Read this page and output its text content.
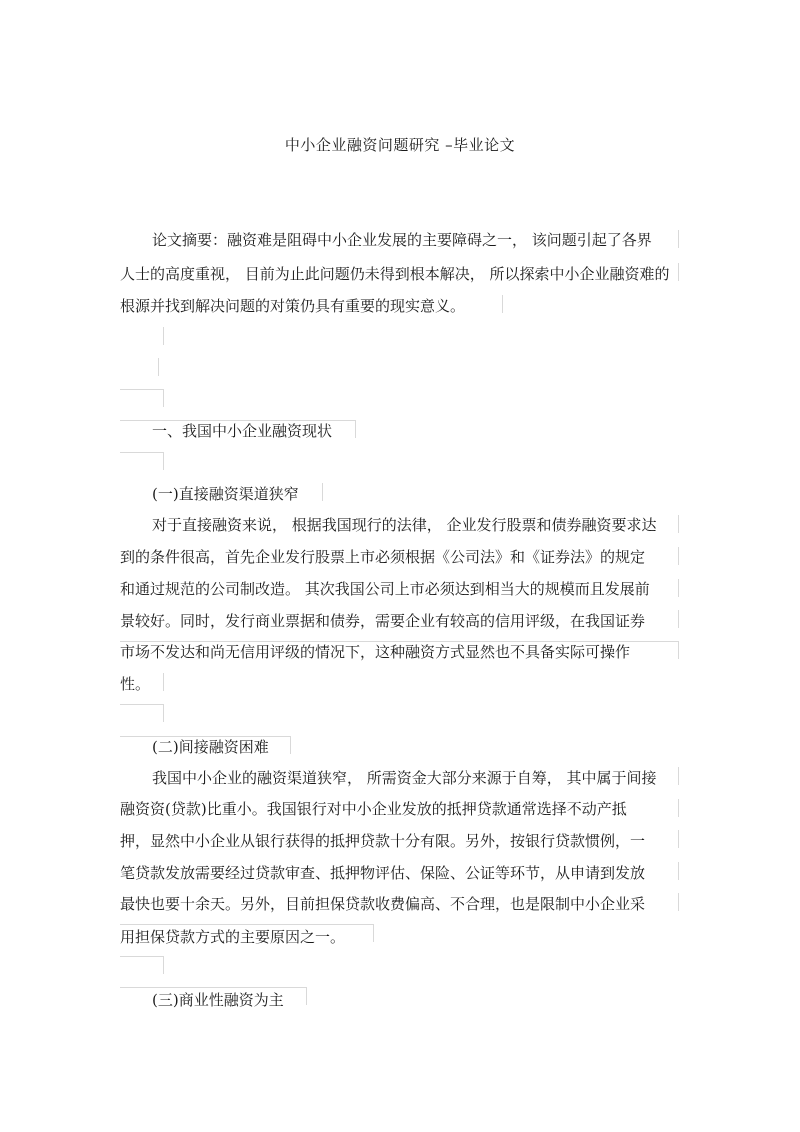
中小企业融资问题研究 –毕业论文
论文摘要：融资难是阻碍中小企业发展的主要障碍之一， 该问题引起了各界
人士的高度重视， 目前为止此问题仍未得到根本解决， 所以探索中小企业融资难的
根源并找到解决问题的对策仍具有重要的现实意义。
一、我国中小企业融资现状
(一)直接融资渠道狭窄
对于直接融资来说， 根据我国现行的法律， 企业发行股票和债券融资要求达
到的条件很高，首先企业发行股票上市必须根据《公司法》和《证券法》的规定
和通过规范的公司制改造。 其次我国公司上市必须达到相当大的规模而且发展前
景较好。同时，发行商业票据和债券，需要企业有较高的信用评级，在我国证券
市场不发达和尚无信用评级的情况下，这种融资方式显然也不具备实际可操作
性。
(二)间接融资困难
我国中小企业的融资渠道狭窄， 所需资金大部分来源于自筹， 其中属于间接
融资资(贷款)比重小。我国银行对中小企业发放的抵押贷款通常选择不动产抵
押，显然中小企业从银行获得的抵押贷款十分有限。另外，按银行贷款惯例，一
笔贷款发放需要经过贷款审查、抵押物评估、保险、公证等环节，从申请到发放
最快也要十余天。另外，目前担保贷款收费偏高、不合理，也是限制中小企业采
用担保贷款方式的主要原因之一。
(三)商业性融资为主
